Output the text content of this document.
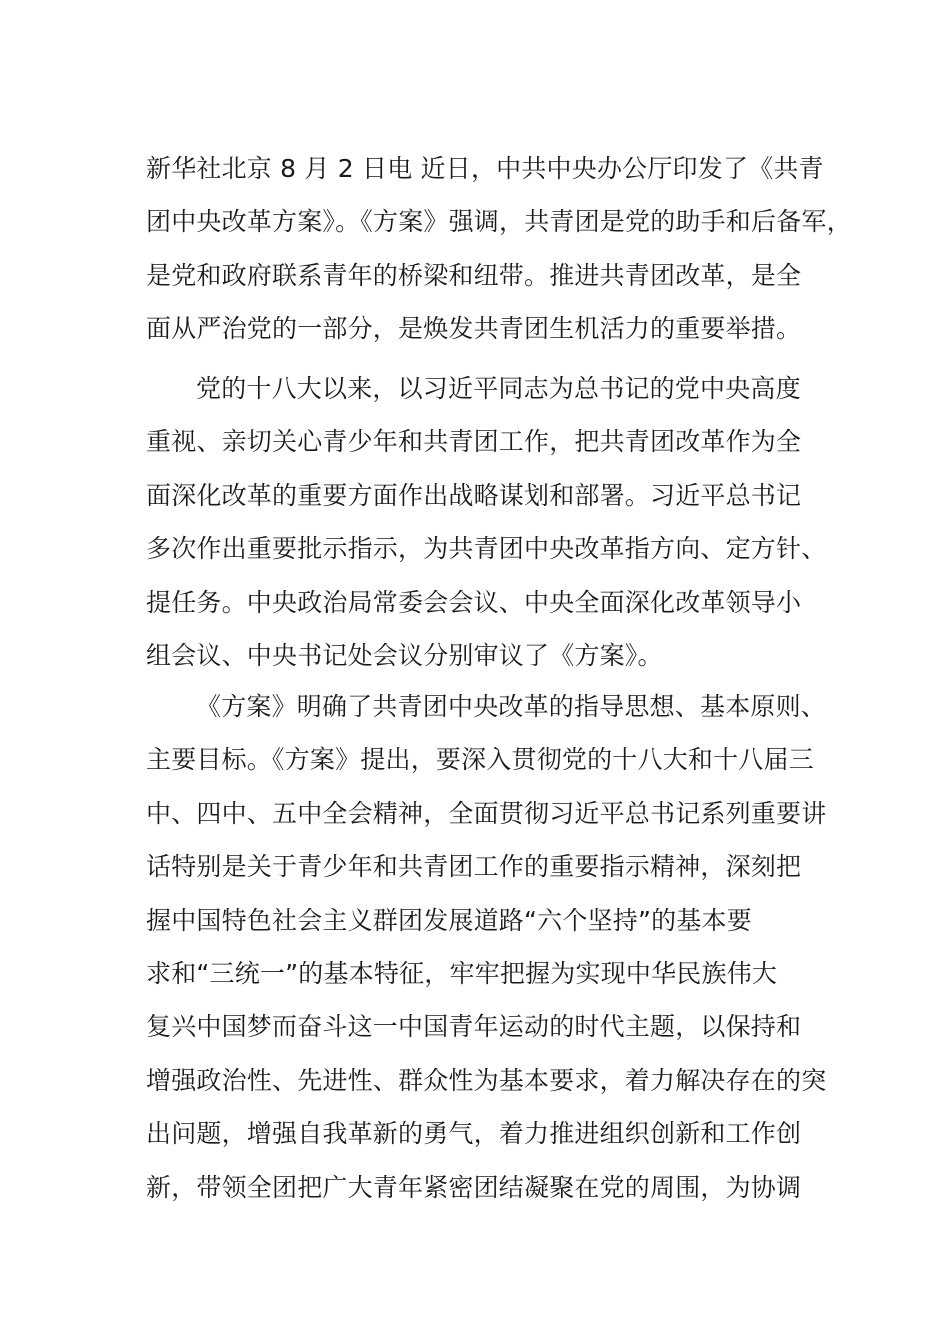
新华社北京 8 月 2 日电 近日，中共中央办公厅印发了《共青
团中央改革方案》。《方案》强调，共青团是党的助手和后备军，
是党和政府联系青年的桥梁和纽带。推进共青团改革，是全
面从严治党的一部分，是焕发共青团生机活力的重要举措。
党的十八大以来，以习近平同志为总书记的党中央高度
重视、亲切关心青少年和共青团工作，把共青团改革作为全
面深化改革的重要方面作出战略谋划和部署。习近平总书记
多次作出重要批示指示，为共青团中央改革指方向、定方针、
提任务。中央政治局常委会会议、中央全面深化改革领导小
组会议、中央书记处会议分别审议了《方案》。
《方案》明确了共青团中央改革的指导思想、基本原则、
主要目标。《方案》提出，要深入贯彻党的十八大和十八届三
中、四中、五中全会精神，全面贯彻习近平总书记系列重要讲
话特别是关于青少年和共青团工作的重要指示精神，深刻把
握中国特色社会主义群团发展道路“六个坚持”的基本要
求和“三统一”的基本特征，牢牢把握为实现中华民族伟大
复兴中国梦而奋斗这一中国青年运动的时代主题，以保持和
增强政治性、先进性、群众性为基本要求，着力解决存在的突
出问题，增强自我革新的勇气，着力推进组织创新和工作创
新，带领全团把广大青年紧密团结凝聚在党的周围，为协调
